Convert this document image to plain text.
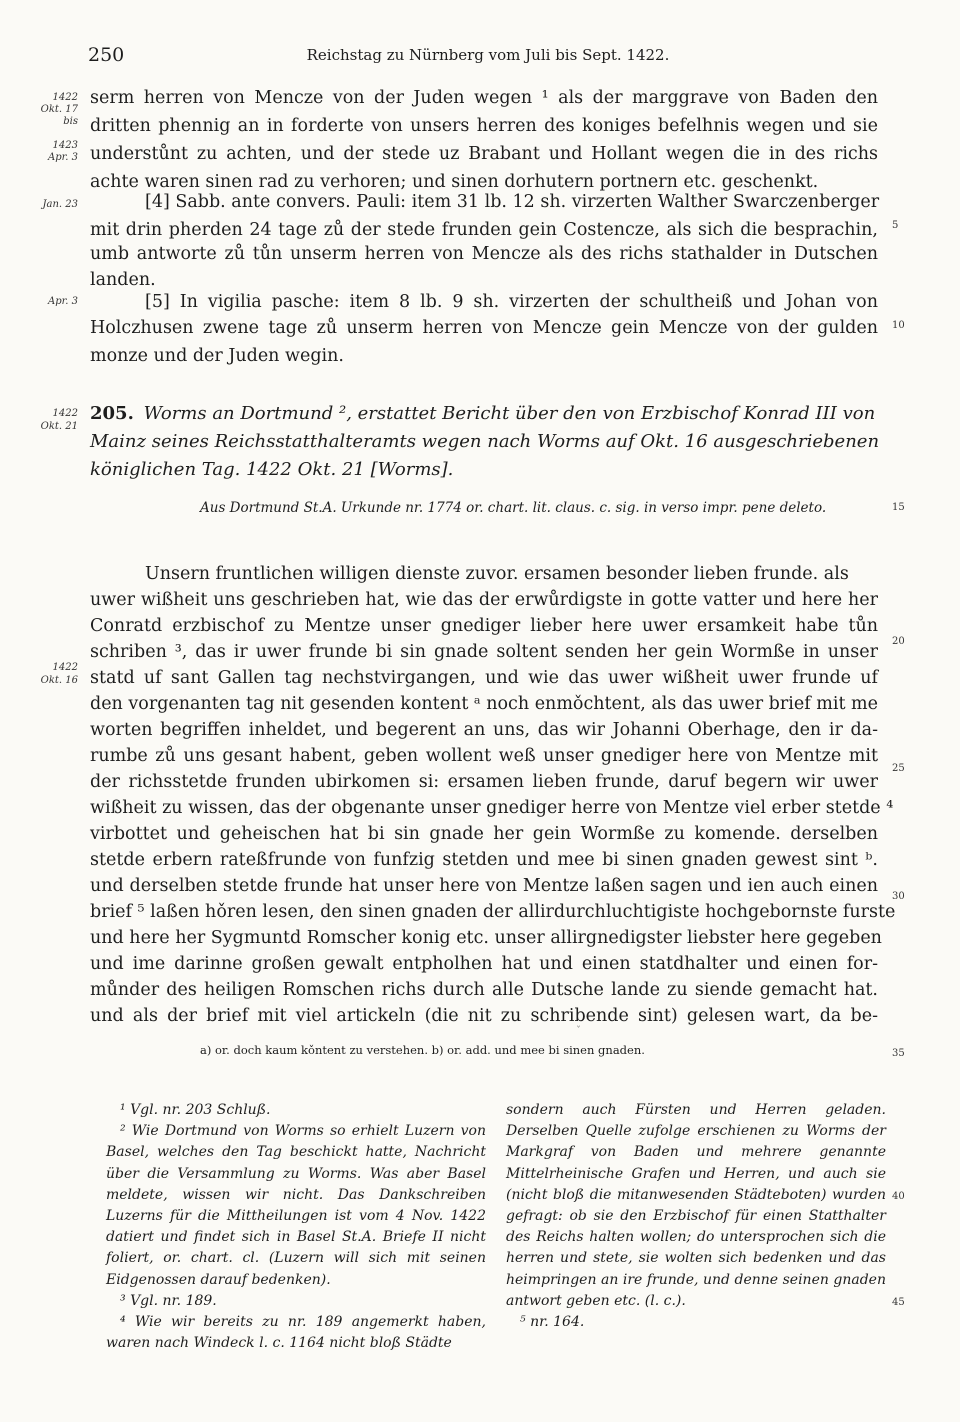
250	Reichstag zu Nürnberg vom Juli bis Sept. 1422.
1422
Okt. 17
bis
1423
Apr. 3
Jan. 23
Apr. 3
1422
Okt. 21
1422
Okt. 16
5
10
15
20
25
30
35
40
45
serm herren von Mencze von der Juden wegen ¹ als der marggrave von Baden den
dritten phennig an in forderte von unsers herren des koniges befelhnis wegen und sie
understůnt zu achten, und der stede uz Brabant und Hollant wegen die in des richs
achte waren sinen rad zu verhoren; und sinen dorhutern portnern etc. geschenkt.
[4] Sabb. ante convers. Pauli: item 31 lb. 12 sh. virzerten Walther Swarczenberger
mit drin pherden 24 tage zů der stede frunden gein Costencze, als sich die besprachin,
umb antworte zů tůn unserm herren von Mencze als des richs stathalder in Dutschen
landen.
[5] In vigilia pasche: item 8 lb. 9 sh. virzerten der schultheiß und Johan von
Holczhusen zwene tage zů unserm herren von Mencze gein Mencze von der gulden
monze und der Juden wegin.
205. Worms an Dortmund ², erstattet Bericht über den von Erzbischof Konrad III von Mainz seines Reichsstatthalteramts wegen nach Worms auf Okt. 16 ausgeschriebenen königlichen Tag. 1422 Okt. 21 [Worms].
Aus Dortmund St.A. Urkunde nr. 1774 or. chart. lit. claus. c. sig. in verso impr. pene deleto.
Unsern fruntlichen willigen dienste zuvor. ersamen besonder lieben frunde. als
uwer wißheit uns geschrieben hat, wie das der erwůrdigste in gotte vatter und here her
Conratd erzbischof zu Mentze unser gnediger lieber here uwer ersamkeit habe tůn
schriben ³, das ir uwer frunde bi sin gnade soltent senden her gein Wormße in unser
statd uf sant Gallen tag nechstvirgangen, und wie das uwer wißheit uwer frunde uf
den vorgenanten tag nit gesenden kontent ᵃ noch enmǒchtent, als das uwer brief mit me
worten begriffen inheldet, und begerent an uns, das wir Johanni Oberhage, den ir da-
rumbe zů uns gesant habent, geben wollent weß unser gnediger here von Mentze mit
der richsstetde frunden ubirkomen si: ersamen lieben frunde, daruf begern wir uwer
wißheit zu wissen, das der obgenante unser gnediger herre von Mentze viel erber stetde ⁴
virbottet und geheischen hat bi sin gnade her gein Wormße zu komende. derselben
stetde erbern rateßfrunde von funfzig stetden und mee bi sinen gnaden gewest sint ᵇ.
und derselben stetde frunde hat unser here von Mentze laßen sagen und ien auch einen
brief ⁵ laßen hǒren lesen, den sinen gnaden der allirdurchluchtigiste hochgebornste furste
und here her Sygmuntd Romscher konig etc. unser allirgnedigster liebster here gegeben
und ime darinne großen gewalt entpholhen hat und einen statdhalter und einen for-
můnder des heiligen Romschen richs durch alle Dutsche lande zu siende gemacht hat.
und als der brief mit viel artickeln (die nit zu schribende sint) gelesen wart, da be-
ˇ
a) or. doch kaum kǒntent zu verstehen. b) or. add. und mee bi sinen gnaden.
¹ Vgl. nr. 203 Schluß.
² Wie Dortmund von Worms so erhielt Luzern von Basel, welches den Tag beschickt hatte, Nachricht über die Versammlung zu Worms. Was aber Basel meldete, wissen wir nicht. Das Dankschreiben Luzerns für die Mittheilungen ist vom 4 Nov. 1422 datiert und findet sich in Basel St.A. Briefe II nicht foliert, or. chart. cl. (Luzern will sich mit seinen Eidgenossen darauf bedenken).
³ Vgl. nr. 189.
⁴ Wie wir bereits zu nr. 189 angemerkt haben, waren nach Windeck l. c. 1164 nicht bloß Städte
sondern auch Fürsten und Herren geladen. Derselben Quelle zufolge erschienen zu Worms der Markgraf von Baden und mehrere genannte Mittelrheinische Grafen und Herren, und auch sie (nicht bloß die mitanwesenden Städteboten) wurden gefragt: ob sie den Erzbischof für einen Statthalter des Reichs halten wollen; do untersprochen sich die herren und stete, sie wolten sich bedenken und das heimpringen an ire frunde, und denne seinen gnaden antwort geben etc. (l. c.).
⁵ nr. 164.
